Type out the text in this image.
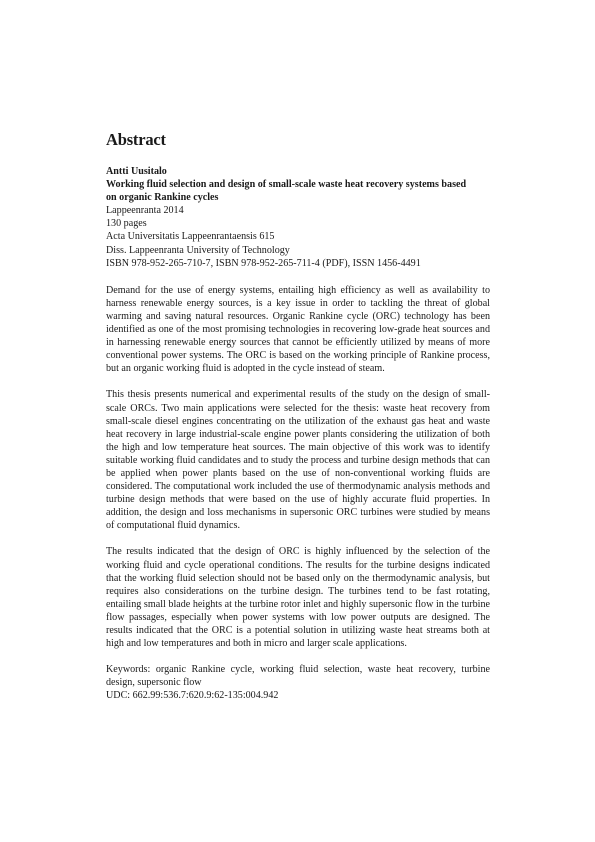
Abstract
Antti Uusitalo
Working fluid selection and design of small-scale waste heat recovery systems based
on organic Rankine cycles
Lappeenranta 2014
130 pages
Acta Universitatis Lappeenrantaensis 615
Diss. Lappeenranta University of Technology
ISBN 978-952-265-710-7, ISBN 978-952-265-711-4 (PDF), ISSN 1456-4491

Demand for the use of energy systems, entailing high efficiency as well as availability to harness renewable energy sources, is a key issue in order to tackling the threat of global warming and saving natural resources. Organic Rankine cycle (ORC) technology has been identified as one of the most promising technologies in recovering low-grade heat sources and in harnessing renewable energy sources that cannot be efficiently utilized by means of more conventional power systems. The ORC is based on the working principle of Rankine process, but an organic working fluid is adopted in the cycle instead of steam.

This thesis presents numerical and experimental results of the study on the design of small-scale ORCs. Two main applications were selected for the thesis: waste heat recovery from small-scale diesel engines concentrating on the utilization of the exhaust gas heat and waste heat recovery in large industrial-scale engine power plants considering the utilization of both the high and low temperature heat sources. The main objective of this work was to identify suitable working fluid candidates and to study the process and turbine design methods that can be applied when power plants based on the use of non-conventional working fluids are considered. The computational work included the use of thermodynamic analysis methods and turbine design methods that were based on the use of highly accurate fluid properties. In addition, the design and loss mechanisms in supersonic ORC turbines were studied by means of computational fluid dynamics.

The results indicated that the design of ORC is highly influenced by the selection of the working fluid and cycle operational conditions. The results for the turbine designs indicated that the working fluid selection should not be based only on the thermodynamic analysis, but requires also considerations on the turbine design. The turbines tend to be fast rotating, entailing small blade heights at the turbine rotor inlet and highly supersonic flow in the turbine flow passages, especially when power systems with low power outputs are designed. The results indicated that the ORC is a potential solution in utilizing waste heat streams both at high and low temperatures and both in micro and larger scale applications.

Keywords: organic Rankine cycle, working fluid selection, waste heat recovery, turbine design, supersonic flow
UDC: 662.99:536.7:620.9:62-135:004.942
